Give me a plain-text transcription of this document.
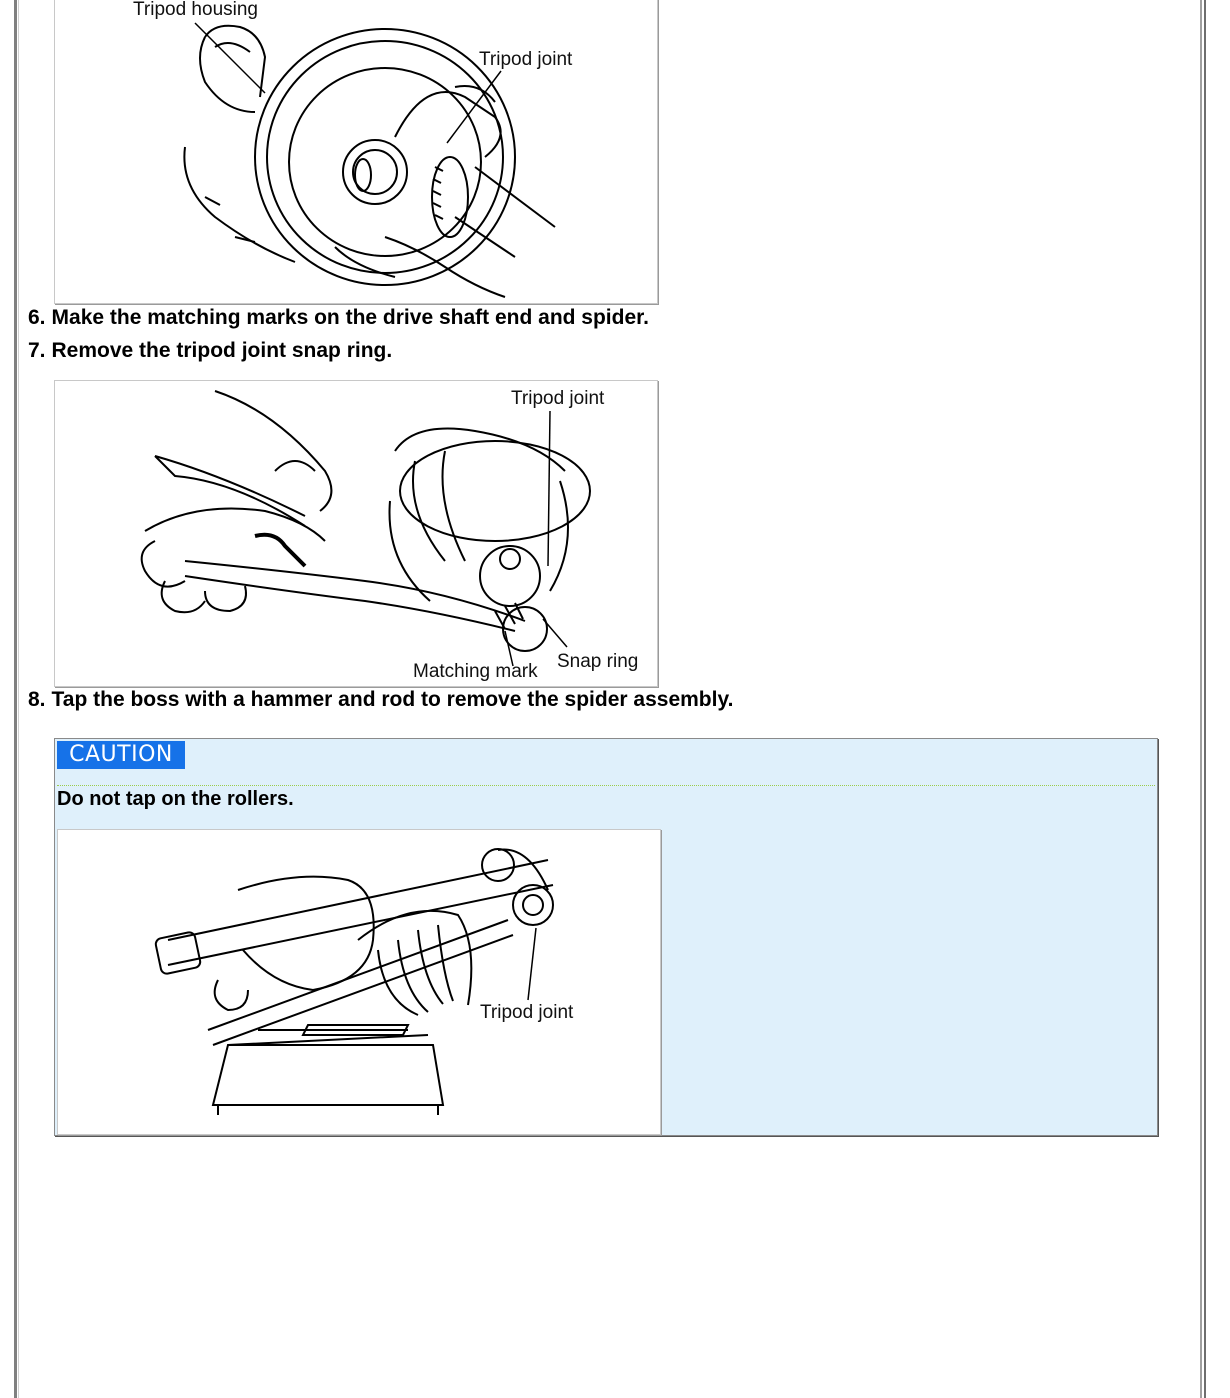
Tripod housing
Tripod joint
6. Make the matching marks on the drive shaft end and spider.
7. Remove the tripod joint snap ring.
Tripod joint
Matching mark Snap ring
8. Tap the boss with a hammer and rod to remove the spider assembly.
CAUTION
Do not tap on the rollers.
Tripod joint
